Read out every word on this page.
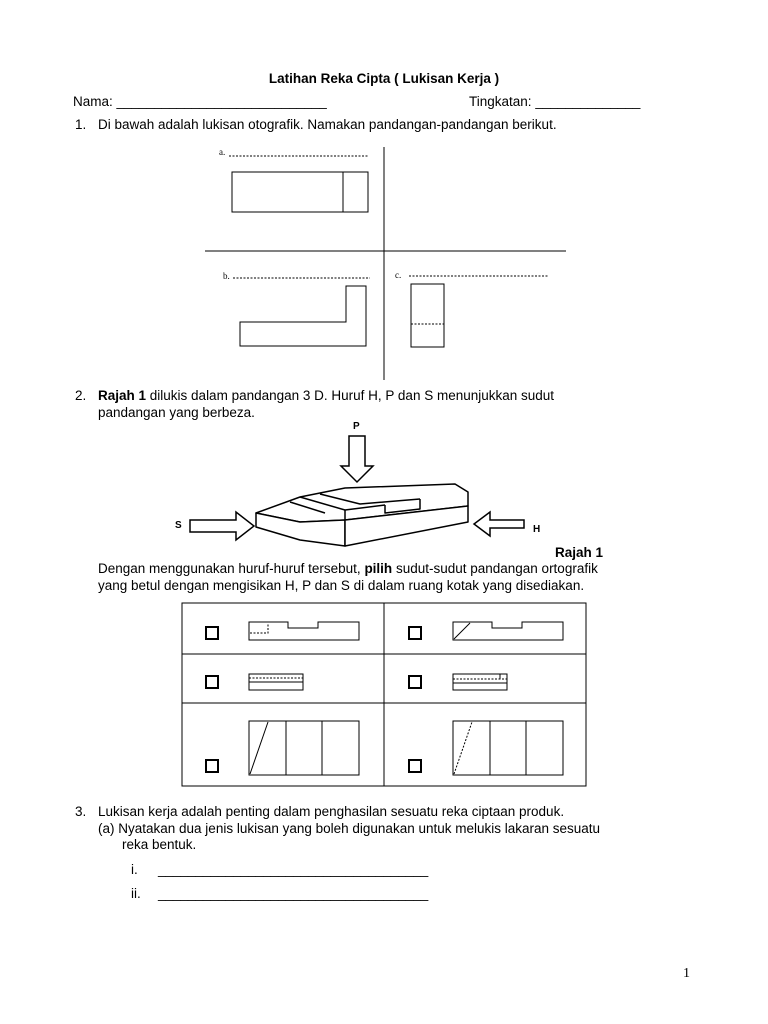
Latihan Reka Cipta ( Lukisan Kerja )
Nama: ____________________________	Tingkatan: ______________
1. Di bawah adalah lukisan otografik. Namakan pandangan-pandangan berikut.
a.
b.	c.
2. Rajah 1 dilukis dalam pandangan 3 D. Huruf H, P dan S menunjukkan sudut
pandangan yang berbeza.
P
S	H
Rajah 1
Dengan menggunakan huruf-huruf tersebut, pilih sudut-sudut pandangan ortografik
yang betul dengan mengisikan H, P dan S di dalam ruang kotak yang disediakan.
3. Lukisan kerja adalah penting dalam penghasilan sesuatu reka ciptaan produk.
(a) Nyatakan dua jenis lukisan yang boleh digunakan untuk melukis lakaran sesuatu
reka bentuk.
i. ____________________________________
ii. ____________________________________
1
